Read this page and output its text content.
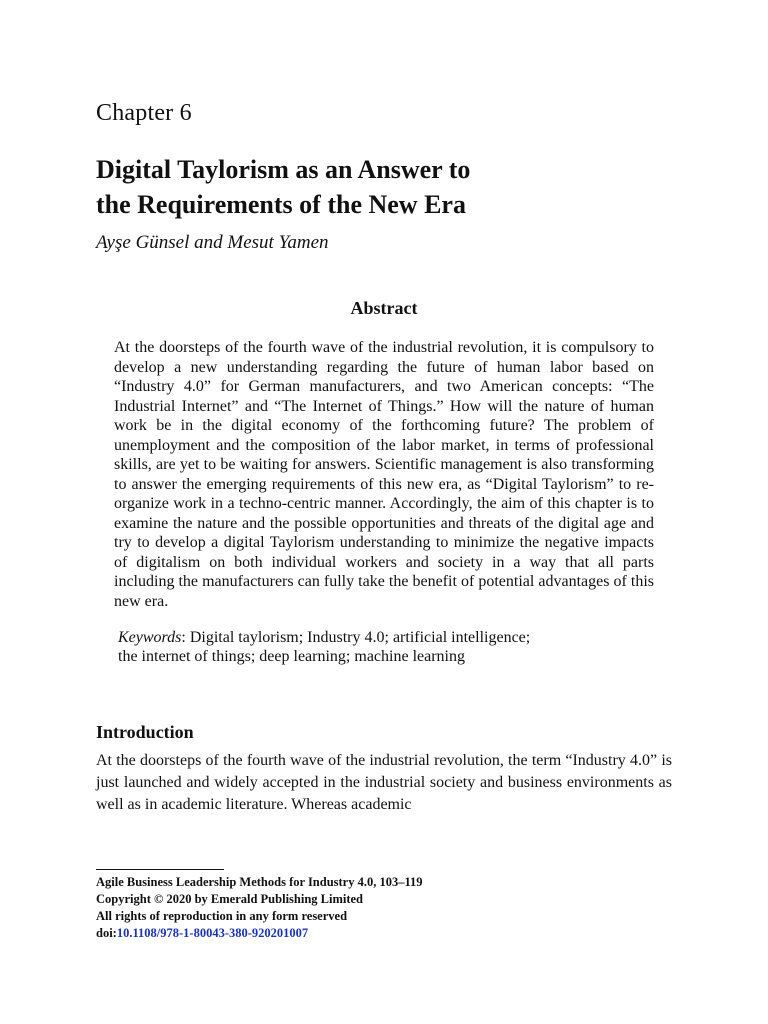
Chapter 6
Digital Taylorism as an Answer to
the Requirements of the New Era
Ayşe Günsel and Mesut Yamen
Abstract

At the doorsteps of the fourth wave of the industrial revolution, it is compulsory to develop a new understanding regarding the future of human labor based on “Industry 4.0” for German manufacturers, and two American concepts: “The Industrial Internet” and “The Internet of Things.” How will the nature of human work be in the digital economy of the forthcoming future? The problem of unemployment and the composition of the labor market, in terms of professional skills, are yet to be waiting for answers. Scientific management is also transforming to answer the emerging requirements of this new era, as “Digital Taylorism” to re-organize work in a techno-centric manner. Accordingly, the aim of this chapter is to examine the nature and the possible opportunities and threats of the digital age and try to develop a digital Taylorism understanding to minimize the negative impacts of digitalism on both individual workers and society in a way that all parts including the manufacturers can fully take the benefit of potential advantages of this new era.

Keywords: Digital taylorism; Industry 4.0; artificial intelligence;
the internet of things; deep learning; machine learning

Introduction

At the doorsteps of the fourth wave of the industrial revolution, the term “Industry 4.0” is just launched and widely accepted in the industrial society and business environments as well as in academic literature. Whereas academic

Agile Business Leadership Methods for Industry 4.0, 103–119
Copyright © 2020 by Emerald Publishing Limited
All rights of reproduction in any form reserved
doi:10.1108/978-1-80043-380-920201007
